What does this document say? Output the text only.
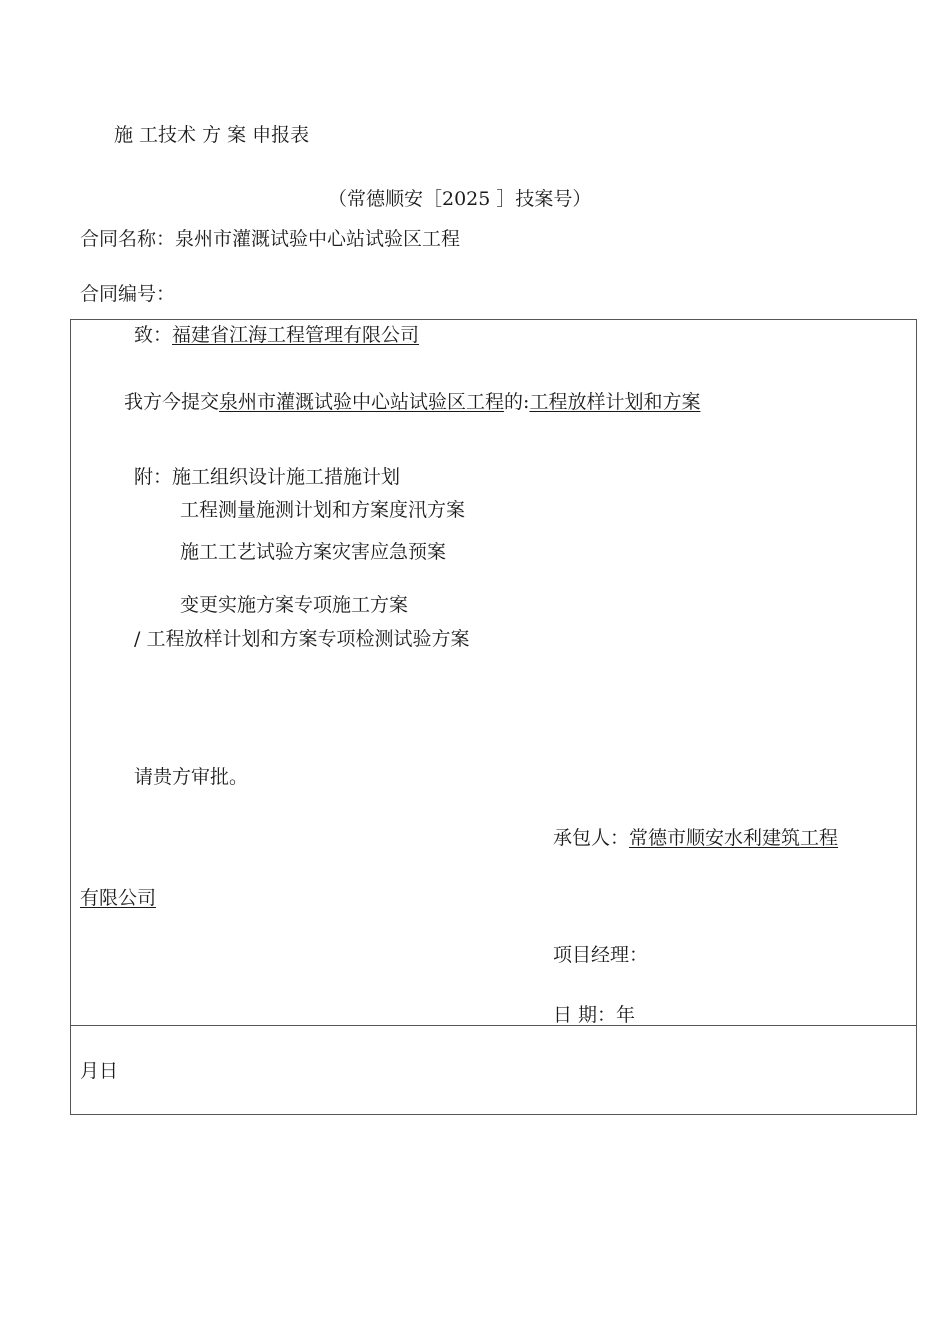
施 工技术 方 案 申报表
（常德顺安［2025 ］技案号）
合同名称：泉州市灌溉试验中心站试验区工程
合同编号：
致：福建省江海工程管理有限公司
我方今提交泉州市灌溉试验中心站试验区工程的:工程放样计划和方案
附：施工组织设计施工措施计划
工程测量施测计划和方案度汛方案
施工工艺试验方案灾害应急预案
变更实施方案专项施工方案
/ 工程放样计划和方案专项检测试验方案
请贵方审批。
承包人：常德市顺安水利建筑工程
有限公司
项目经理：
日 期：年
月日
